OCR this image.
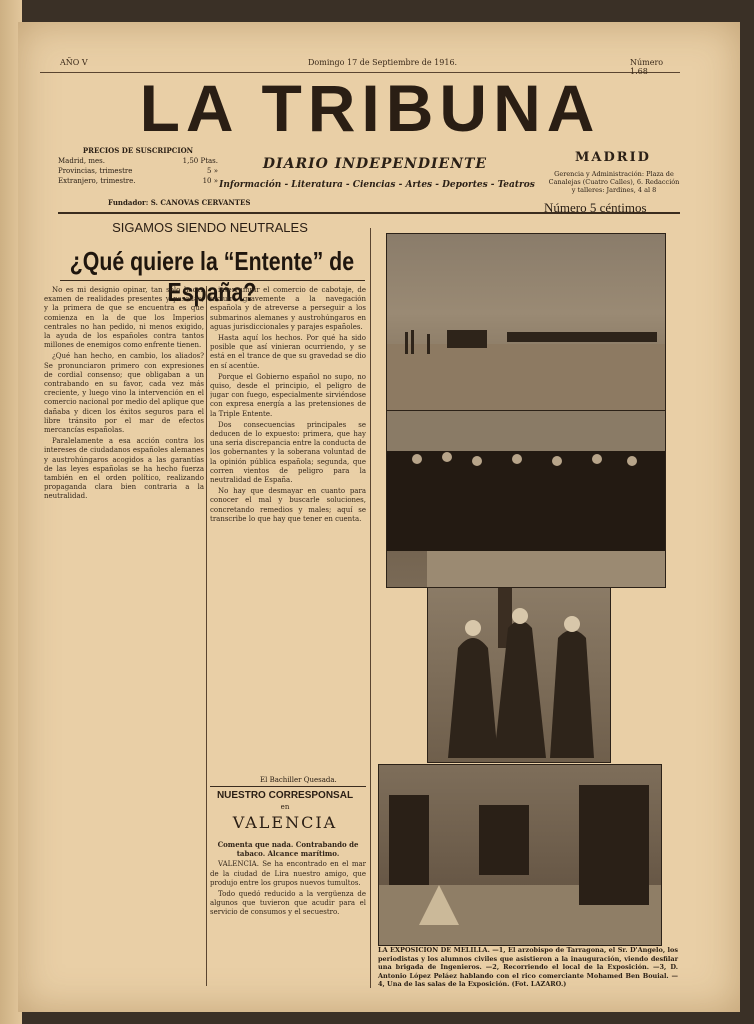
AÑO V	Domingo 17 de Septiembre de 1916.	Número 1.68
LA TRIBUNA
PRECIOS DE SUSCRIPCION
Madrid, mes.	1,50 Ptas.
Provincias, trimestre	5 »
Extranjero, trimestre.	10 »
DIARIO INDEPENDIENTE
Información - Literatura - Ciencias - Artes - Deportes - Teatros
MADRID
Gerencia y Administración: Plaza de Canalejas (Cuatro Calles), 6. Redacción y talleres: Jardines, 4 al 8
Fundador: S. CANOVAS CERVANTES	Número 5 céntimos
SIGAMOS SIENDO NEUTRALES
¿Qué quiere la “Entente” de España?

No es mi designio opinar, tan sólo hacer examen de realidades presentes y pasadas, y la primera de que se encuentra es que comienza en la de que los Imperios centrales no han pedido, ni menos exigido, la ayuda de los españoles contra tantos millones de enemigos como enfrente tienen.

¿Qué han hecho, en cambio, los aliados? Se pronunciaron primero con expresiones de cordial consenso; que obligaban a un contrabando en su favor, cada vez más creciente, y luego vino la intervención en el comercio nacional por medio del aplique que dañaba y dicen los éxitos seguros para el libre tránsito por el mar de efectos mercancías españolas.

Paralelamente a esa acción contra los intereses de ciudadanos españoles alemanes y austrohúngaros acogidos a las garantías de las leyes españolas se ha hecho fuerza también en el orden político, realizando propaganda clara bien contraria a la neutralidad.

interrumpir el comercio de cabotaje, de incluir gravemente a la navegación española y de atreverse a perseguir a los submarinos alemanes y austrohúngaros en aguas jurisdiccionales y parajes españoles.

Hasta aquí los hechos. Por qué ha sido posible que así vinieran ocurriendo, y se está en el trance de que su gravedad se dio en sí acentúe.

Porque el Gobierno español no supo, no quiso, desde el principio, el peligro de jugar con fuego, especialmente sirviéndose con expresa energía a las pretensiones de la Triple Entente.

Dos consecuencias principales se deducen de lo expuesto: primera, que hay una seria discrepancia entre la conducta de los gobernantes y la soberana voluntad de la opinión pública española; segunda, que corren vientos de peligro para la neutralidad de España.

No hay que desmayar en cuanto para conocer el mal y buscarle soluciones, concretando remedios y males; aquí se transcribe lo que hay que tener en cuenta.

El Bachiller Quesada.
NUESTRO CORRESPONSAL
en
VALENCIA

Comenta que nada. Contrabando de tabaco. Alcance marítimo.

VALENCIA. Se ha encontrado en el mar de la ciudad de Lira nuestro amigo, que produjo entre los grupos nuevos tumultos.

Todo quedó reducido a la vergüenza de algunos que tuvieron que acudir para el servicio de consumos y el secuestro.

LA EXPOSICION DE MELILLA. —1, El arzobispo de Tarragona, el Sr. D'Angelo, los periodistas y los alumnos civiles que asistieron a la inauguración, viendo desfilar una brigada de Ingenieros. —2, Recorriendo el local de la Exposición. —3, D. Antonio López Peláez hablando con el rico comerciante Mohamed Ben Bouial. —4, Una de las salas de la Exposición. (Fot. LAZARO.)
